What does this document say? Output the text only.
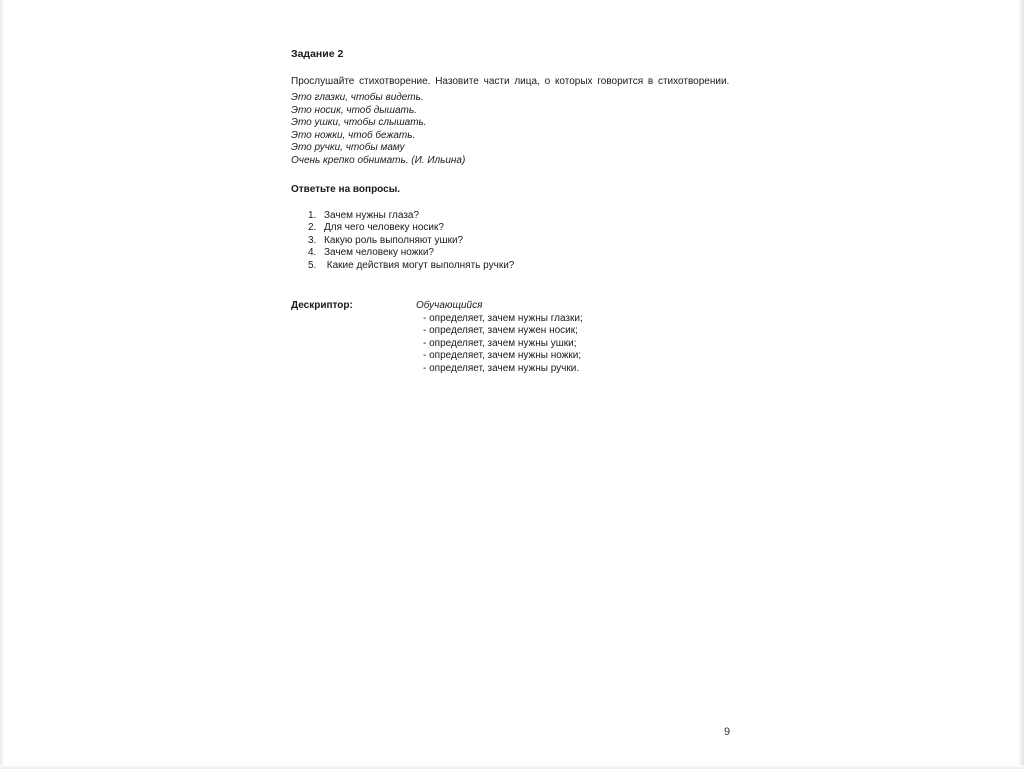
Задание 2
Прослушайте стихотворение. Назовите части лица, о которых говорится в стихотворении.
Это глазки, чтобы видеть.
Это носик, чтоб дышать.
Это ушки, чтобы слышать.
Это ножки, чтоб бежать.
Это ручки, чтобы маму
Очень крепко обнимать. (И. Ильина)
Ответьте на вопросы.
1. Зачем нужны глаза?
2. Для чего человеку носик?
3. Какую роль выполняют ушки?
4. Зачем человеку ножки?
5. Какие действия могут выполнять ручки?
Дескриптор:	Обучающийся
- определяет, зачем нужны глазки;
- определяет, зачем нужен носик;
- определяет, зачем нужны ушки;
- определяет, зачем нужны ножки;
- определяет, зачем нужны ручки.
9
